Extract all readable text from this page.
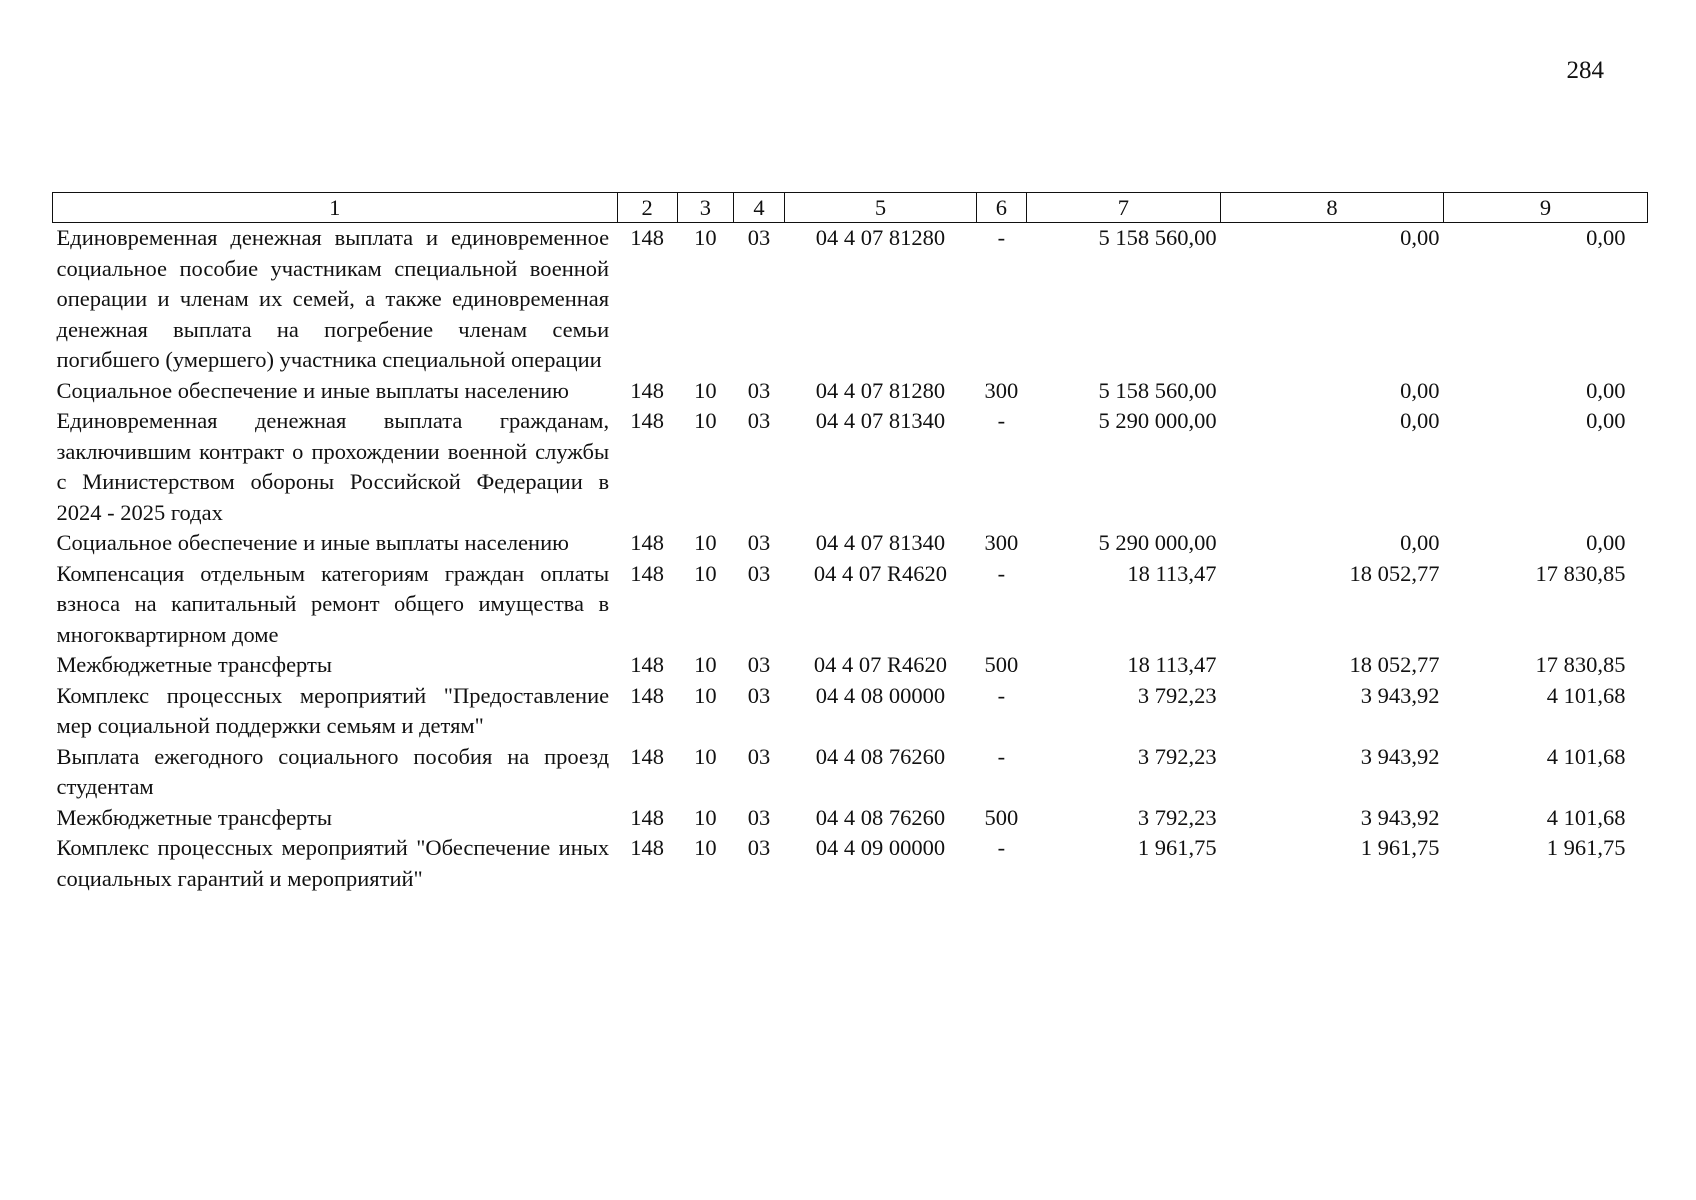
284
1	2	3	4	5	6	7	8	9
Единовременная денежная выплата и единовременное социальное пособие участникам специальной военной операции и членам их семей, а также единовременная денежная выплата на погребение членам семьи погибшего (умершего) участника специальной операции	148	10	03	04 4 07 81280	-	5 158 560,00	0,00	0,00
Социальное обеспечение и иные выплаты населению	148	10	03	04 4 07 81280	300	5 158 560,00	0,00	0,00
Единовременная денежная выплата гражданам, заключившим контракт о прохождении военной службы с Министерством обороны Российской Федерации в 2024 - 2025 годах	148	10	03	04 4 07 81340	-	5 290 000,00	0,00	0,00
Социальное обеспечение и иные выплаты населению	148	10	03	04 4 07 81340	300	5 290 000,00	0,00	0,00
Компенсация отдельным категориям граждан оплаты взноса на капитальный ремонт общего имущества в многоквартирном доме	148	10	03	04 4 07 R4620	-	18 113,47	18 052,77	17 830,85
Межбюджетные трансферты	148	10	03	04 4 07 R4620	500	18 113,47	18 052,77	17 830,85
Комплекс процессных мероприятий "Предоставление мер социальной поддержки семьям и детям"	148	10	03	04 4 08 00000	-	3 792,23	3 943,92	4 101,68
Выплата ежегодного социального пособия на проезд студентам	148	10	03	04 4 08 76260	-	3 792,23	3 943,92	4 101,68
Межбюджетные трансферты	148	10	03	04 4 08 76260	500	3 792,23	3 943,92	4 101,68
Комплекс процессных мероприятий "Обеспечение иных социальных гарантий и мероприятий"	148	10	03	04 4 09 00000	-	1 961,75	1 961,75	1 961,75
